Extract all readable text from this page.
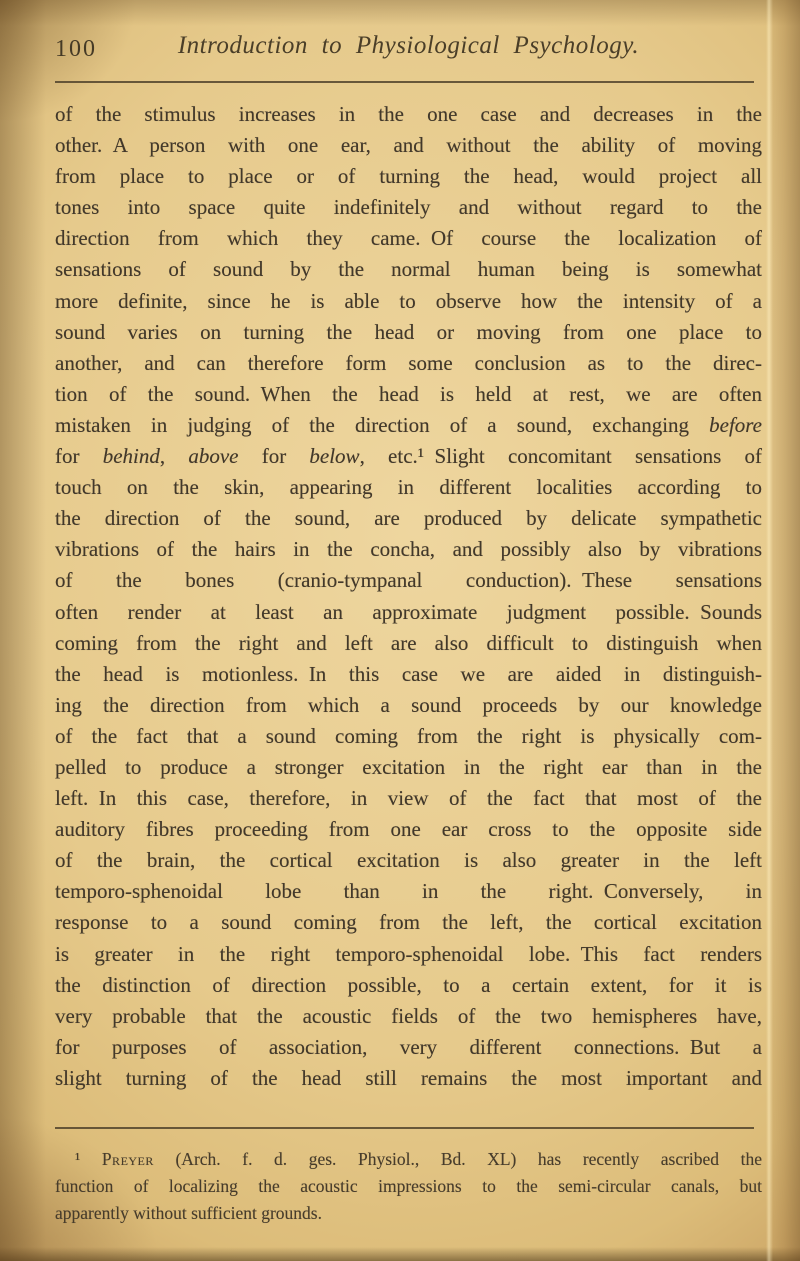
100	Introduction to Physiological Psychology.
of the stimulus increases in the one case and decreases in the
other. A person with one ear, and without the ability of moving
from place to place or of turning the head, would project all
tones into space quite indefinitely and without regard to the
direction from which they came. Of course the localization of
sensations of sound by the normal human being is somewhat
more definite, since he is able to observe how the intensity of a
sound varies on turning the head or moving from one place to
another, and can therefore form some conclusion as to the direc-
tion of the sound. When the head is held at rest, we are often
mistaken in judging of the direction of a sound, exchanging before
for behind, above for below, etc.¹ Slight concomitant sensations of
touch on the skin, appearing in different localities according to
the direction of the sound, are produced by delicate sympathetic
vibrations of the hairs in the concha, and possibly also by vibrations
of the bones (cranio-tympanal conduction). These sensations
often render at least an approximate judgment possible. Sounds
coming from the right and left are also difficult to distinguish when
the head is motionless. In this case we are aided in distinguish-
ing the direction from which a sound proceeds by our knowledge
of the fact that a sound coming from the right is physically com-
pelled to produce a stronger excitation in the right ear than in the
left. In this case, therefore, in view of the fact that most of the
auditory fibres proceeding from one ear cross to the opposite side
of the brain, the cortical excitation is also greater in the left
temporo-sphenoidal lobe than in the right. Conversely, in
response to a sound coming from the left, the cortical excitation
is greater in the right temporo-sphenoidal lobe. This fact renders
the distinction of direction possible, to a certain extent, for it is
very probable that the acoustic fields of the two hemispheres have,
for purposes of association, very different connections. But a
slight turning of the head still remains the most important and
¹ Preyer (Arch. f. d. ges. Physiol., Bd. XL) has recently ascribed the
function of localizing the acoustic impressions to the semi-circular canals, but
apparently without sufficient grounds.
